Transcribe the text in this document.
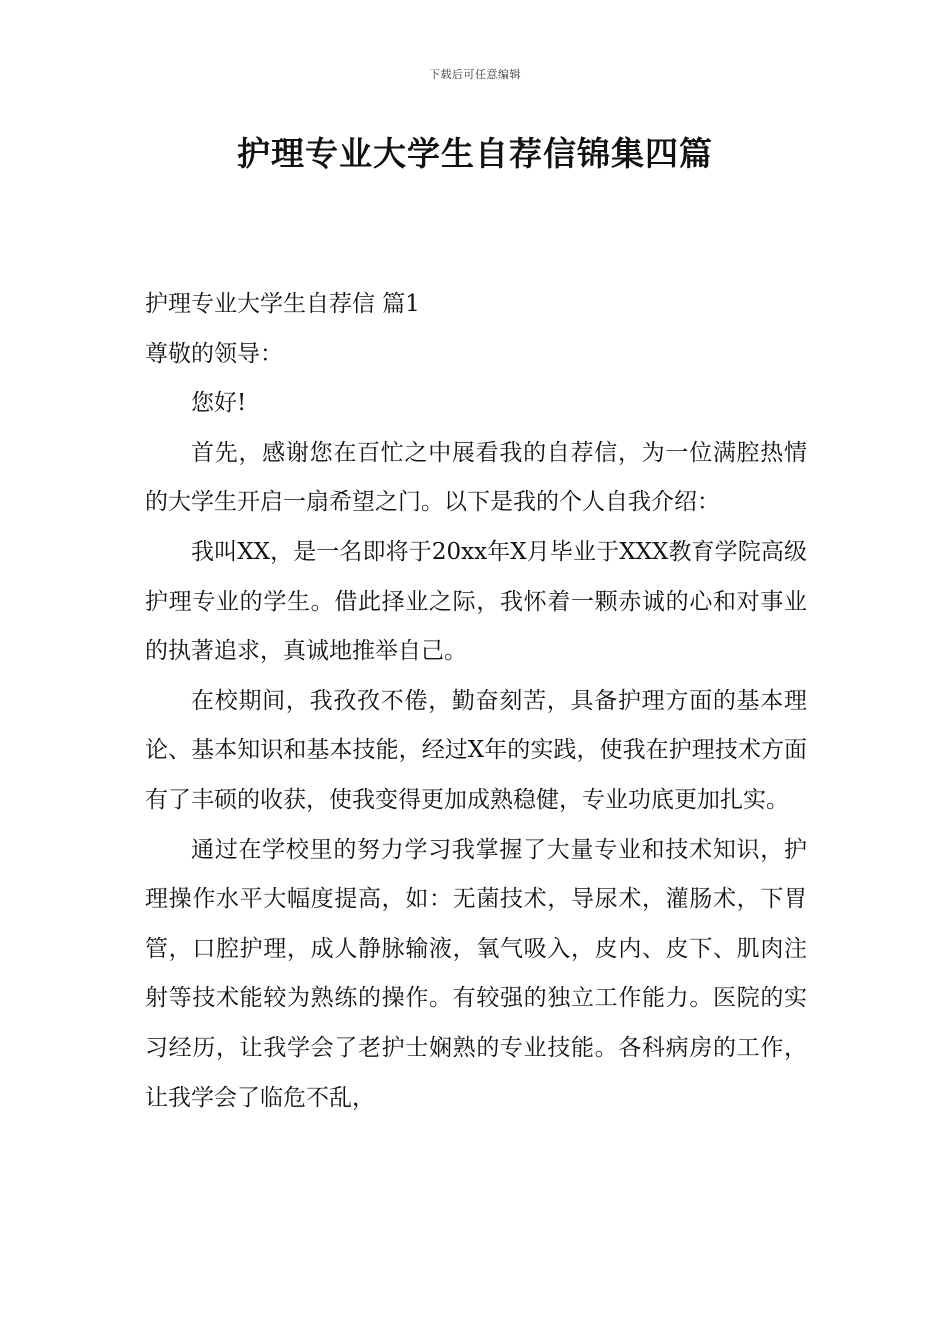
下载后可任意编辑
护理专业大学生自荐信锦集四篇

护理专业大学生自荐信 篇1

尊敬的领导：

您好!

首先，感谢您在百忙之中展看我的自荐信，为一位满腔热情的大学生开启一扇希望之门。以下是我的个人自我介绍：

我叫XX，是一名即将于20xx年X月毕业于XXX教育学院高级护理专业的学生。借此择业之际，我怀着一颗赤诚的心和对事业的执著追求，真诚地推举自己。

在校期间，我孜孜不倦，勤奋刻苦，具备护理方面的基本理论、基本知识和基本技能，经过X年的实践，使我在护理技术方面有了丰硕的收获，使我变得更加成熟稳健，专业功底更加扎实。

通过在学校里的努力学习我掌握了大量专业和技术知识，护理操作水平大幅度提高，如：无菌技术，导尿术，灌肠术，下胃管，口腔护理，成人静脉输液，氧气吸入，皮内、皮下、肌肉注射等技术能较为熟练的操作。有较强的独立工作能力。医院的实习经历，让我学会了老护士娴熟的专业技能。各科病房的工作，让我学会了临危不乱，
